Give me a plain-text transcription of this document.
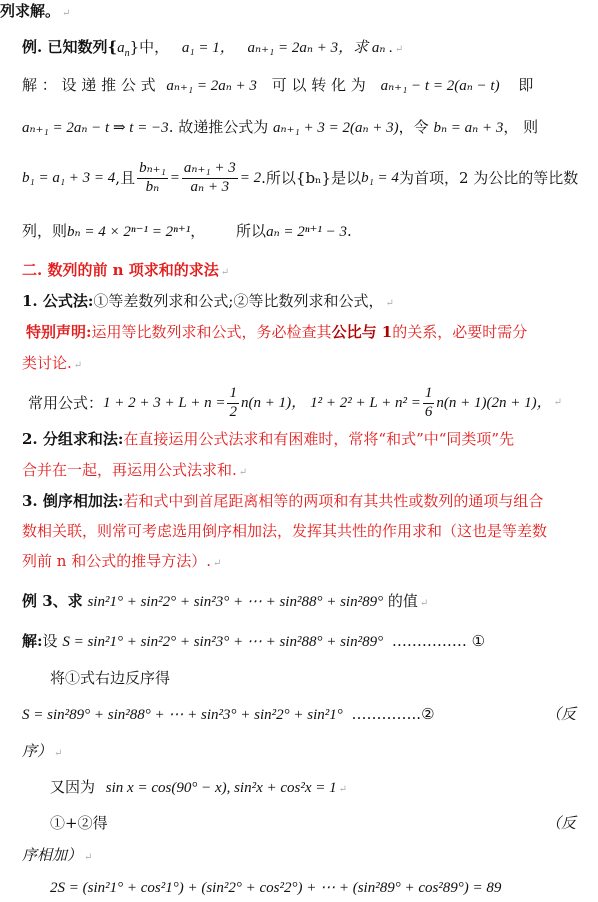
列求解。 ↵
例. 已知数列$\{a_n\}$中， a₁ = 1， aₙ₊₁ = 2aₙ + 3，求 aₙ . ↵
解 ： 设 递 推 公 式 aₙ₊₁ = 2aₙ + 3 可 以 转 化 为 aₙ₊₁ − t = 2(aₙ − t) 即
aₙ₊₁ = 2aₙ − t ⇒ t = −3. 故递推公式为 aₙ₊₁ + 3 = 2(aₙ + 3)，令 bₙ = aₙ + 3， 则
b₁ = a₁ + 3 = 4 ,且 $\frac{\text{bₙ₊₁}}{\text{bₙ}} = \frac{\text{aₙ₊₁ + 3}}{\text{aₙ + 3}} = 2$ .所以{bₙ}是以 b₁ = 4 为首项，2 为公比的等比数
列，则bₙ = 4 × 2ⁿ⁻¹ = 2ⁿ⁺¹， 所以aₙ = 2ⁿ⁺¹ − 3.
二. 数列的前 n 项求和的求法 ↵
1. 公式法:①等差数列求和公式;②等比数列求和公式， ↵
特别声明:运用等比数列求和公式，务必检查其公比与 1的关系，必要时需分
类讨论. ↵
常用公式： $1 + 2 + 3 + L + n = \frac{1}{2} n(n + 1)$， $1^2 + 2^2 + L + n^2 = \frac{1}{6} n(n + 1)(2n + 1)$， ↵
2. 分组求和法:在直接运用公式法求和有困难时，常将“和式”中“同类项”先
合并在一起，再运用公式法求和. ↵
3. 倒序相加法:若和式中到首尾距离相等的两项和有其共性或数列的通项与组合
数相关联，则常可考虑选用倒序相加法，发挥其共性的作用求和（这也是等差数
列前 n 和公式的推导方法）. ↵
例 3、求 sin²1° + sin²2° + sin²3° + ⋯ + sin²88° + sin²89° 的值 ↵
解:设 S = sin²1° + sin²2° + sin²3° + ⋯ + sin²88° + sin²89° …………… ①
将①式右边反序得
S = sin²89° + sin²88° + ⋯ + sin²3° + sin²2° + sin²1° …………..②	（反
序） ↵
又因为 sin x = cos(90° − x), sin²x + cos²x = 1 ↵
①+②得	（反
序相加） ↵
2S = (sin²1° + cos²1°) + (sin²2° + cos²2°) + ⋯ + (sin²89° + cos²89°) = 89
